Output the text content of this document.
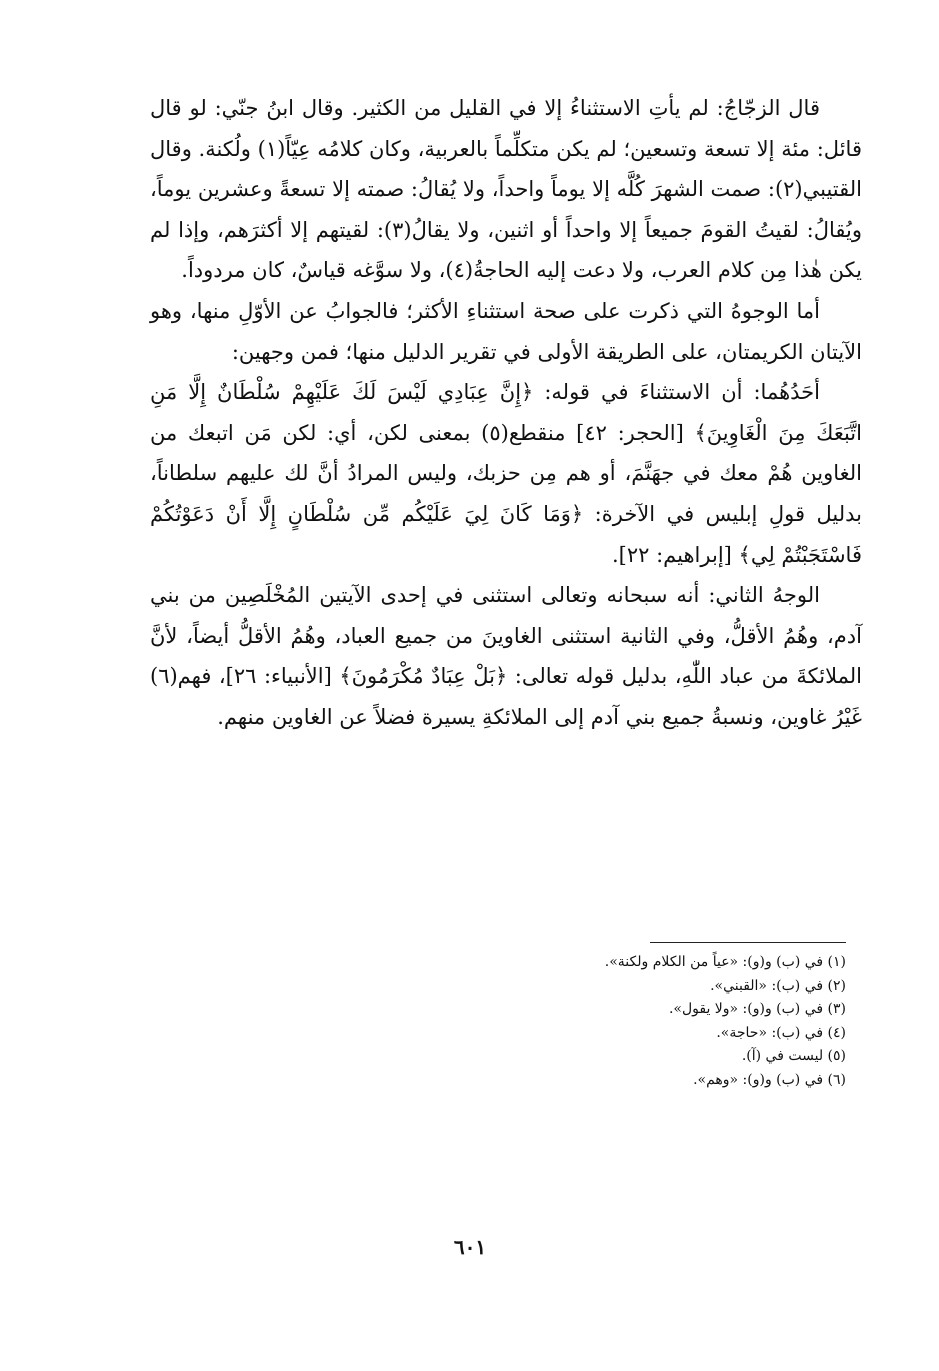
قال الزجّاجُ: لم يأتِ الاستثناءُ إلا في القليل من الكثير. وقال ابنُ جنّي: لو قال قائل: مئة إلا تسعة وتسعين؛ لم يكن متكلِّماً بالعربية، وكان كلامُه عِيّاً(١) ولُكنة. وقال القتيبي(٢): صمت الشهرَ كُلَّه إلا يوماً واحداً، ولا يُقالُ: صمته إلا تسعةً وعشرين يوماً، ويُقالُ: لقيتُ القومَ جميعاً إلا واحداً أو اثنين، ولا يقالُ(٣): لقيتهم إلا أكثرَهم، وإذا لم يكن هٰذا مِن كلام العرب، ولا دعت إليه الحاجةُ(٤)، ولا سوَّغه قياسٌ، كان مردوداً.

أما الوجوهُ التي ذكرت على صحة استثناءِ الأكثر؛ فالجوابُ عن الأوّلِ منها، وهو الآيتان الكريمتان، على الطريقة الأولى في تقرير الدليل منها؛ فمن وجهين:

أحَدُهُما: أن الاستثناءَ في قوله: ﴿إِنَّ عِبَادِي لَيْسَ لَكَ عَلَيْهِمْ سُلْطَانٌ إِلَّا مَنِ اتَّبَعَكَ مِنَ الْغَاوِينَ﴾ [الحجر: ٤٢] منقطع(٥) بمعنى لكن، أي: لكن مَن اتبعك من الغاوين هُمْ معك في جهَنَّمَ، أو هم مِن حزبك، وليس المرادُ أنَّ لك عليهم سلطاناً، بدليل قولِ إبليس في الآخرة: ﴿وَمَا كَانَ لِيَ عَلَيْكُم مِّن سُلْطَانٍ إِلَّا أَنْ دَعَوْتُكُمْ فَاسْتَجَبْتُمْ لِي﴾ [إبراهيم: ٢٢].

الوجهُ الثاني: أنه سبحانه وتعالى استثنى في إحدى الآيتين المُخْلَصِين من بني آدم، وهُمُ الأقلُّ، وفي الثانية استثنى الغاوينَ من جميع العباد، وهُمُ الأقلُّ أيضاً، لأنَّ الملائكةَ من عباد اللّٰهِ، بدليل قوله تعالى: ﴿بَلْ عِبَادٌ مُكْرَمُونَ﴾ [الأنبياء: ٢٦]، فهم(٦) غَيْرُ غاوين، ونسبةُ جميع بني آدم إلى الملائكةِ يسيرة فضلاً عن الغاوين منهم.

(١) في (ب) و(و): «عياً من الكلام ولكنة».

(٢) في (ب): «القبني».

(٣) في (ب) و(و): «ولا يقول».

(٤) في (ب): «حاجة».

(٥) ليست في (آ).

(٦) في (ب) و(و): «وهم».

٦٠١
